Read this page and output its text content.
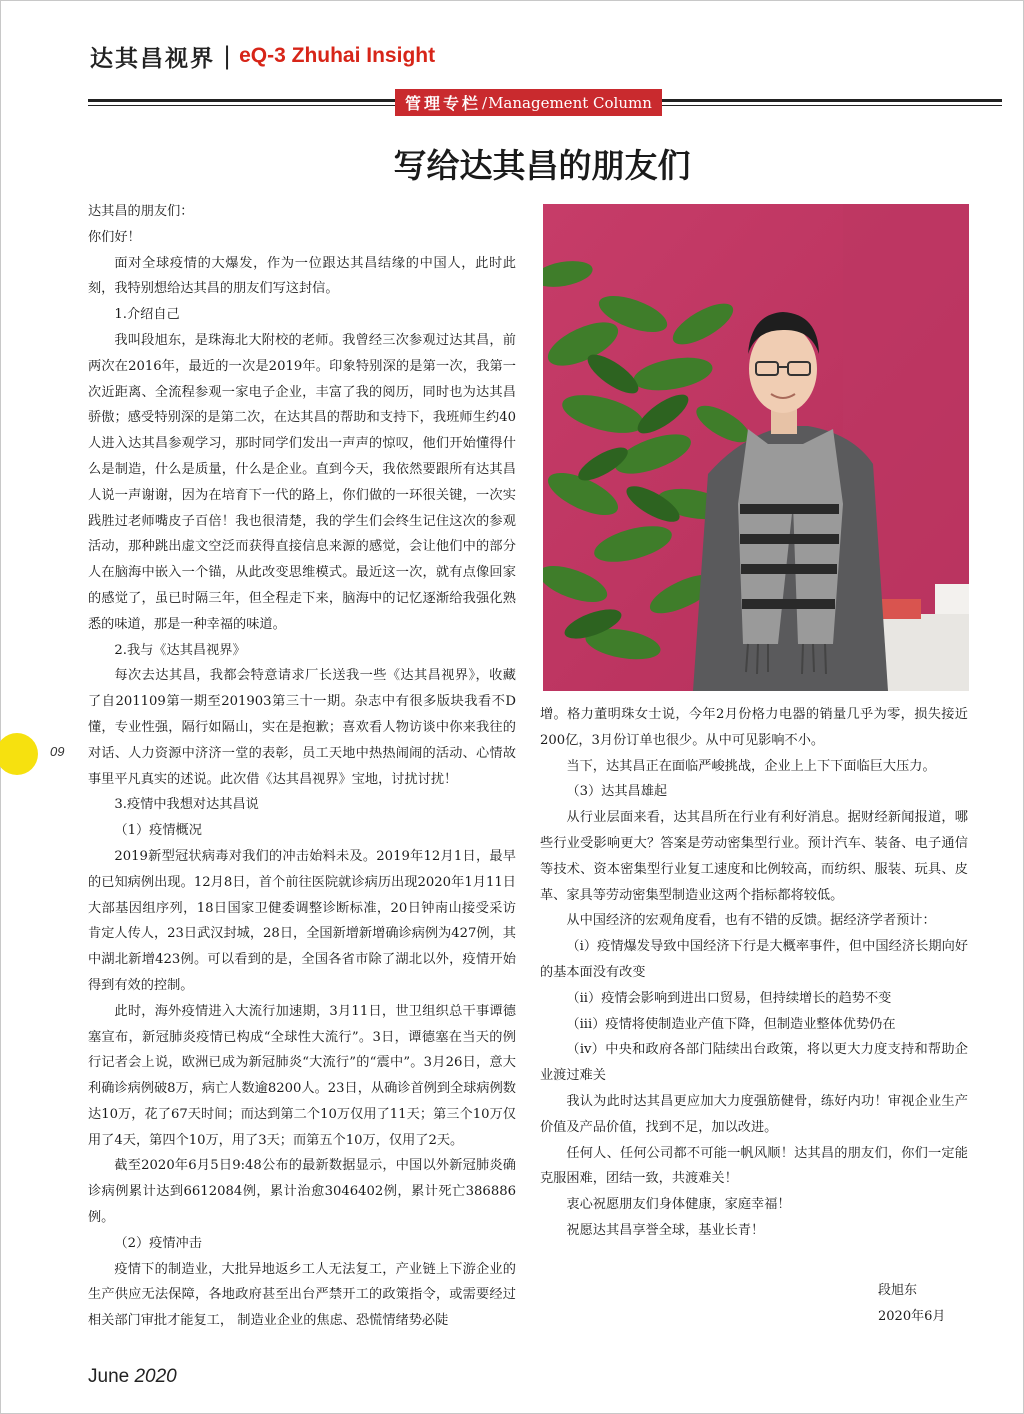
达其昌视界 | eQ-3 Zhuhai Insight
管理专栏 / Management Column
写给达其昌的朋友们

达其昌的朋友们：

你们好！

面对全球疫情的大爆发，作为一位跟达其昌结缘的中国人，此时此刻，我特别想给达其昌的朋友们写这封信。

1.介绍自己

我叫段旭东，是珠海北大附校的老师。我曾经三次参观过达其昌，前两次在2016年，最近的一次是2019年。印象特别深的是第一次，我第一次近距离、全流程参观一家电子企业，丰富了我的阅历，同时也为达其昌骄傲；感受特别深的是第二次，在达其昌的帮助和支持下，我班师生约40人进入达其昌参观学习，那时同学们发出一声声的惊叹，他们开始懂得什么是制造，什么是质量，什么是企业。直到今天，我依然要跟所有达其昌人说一声谢谢，因为在培育下一代的路上，你们做的一环很关键，一次实践胜过老师嘴皮子百倍！我也很清楚，我的学生们会终生记住这次的参观活动，那种跳出虚文空泛而获得直接信息来源的感觉，会让他们中的部分人在脑海中嵌入一个锚，从此改变思维模式。最近这一次，就有点像回家的感觉了，虽已时隔三年，但全程走下来，脑海中的记忆逐渐给我强化熟悉的味道，那是一种幸福的味道。

2.我与《达其昌视界》

每次去达其昌，我都会特意请求厂长送我一些《达其昌视界》，收藏了自201109第一期至201903第三十一期。杂志中有很多版块我看不D懂，专业性强，隔行如隔山，实在是抱歉；喜欢看人物访谈中你来我往的对话、人力资源中济济一堂的表彰，员工天地中热热闹闹的活动、心情故事里平凡真实的述说。此次借《达其昌视界》宝地，讨扰讨扰！

3.疫情中我想对达其昌说

（1）疫情概况

2019新型冠状病毒对我们的冲击始料未及。2019年12月1日，最早的已知病例出现。12月8日，首个前往医院就诊病历出现2020年1月11日大部基因组序列，18日国家卫健委调整诊断标准，20日钟南山接受采访肯定人传人，23日武汉封城，28日，全国新增新增确诊病例为427例，其中湖北新增423例。可以看到的是，全国各省市除了湖北以外，疫情开始得到有效的控制。

此时，海外疫情进入大流行加速期，3月11日，世卫组织总干事谭德塞宣布，新冠肺炎疫情已构成“全球性大流行”。3日，谭德塞在当天的例行记者会上说，欧洲已成为新冠肺炎“大流行”的“震中”。3月26日，意大利确诊病例破8万，病亡人数逾8200人。23日，从确诊首例到全球病例数达10万，花了67天时间；而达到第二个10万仅用了11天；第三个10万仅用了4天，第四个10万，用了3天；而第五个10万，仅用了2天。

截至2020年6月5日9:48公布的最新数据显示，中国以外新冠肺炎确诊病例累计达到6612084例，累计治愈3046402例，累计死亡386886例。

（2）疫情冲击

疫情下的制造业，大批异地返乡工人无法复工，产业链上下游企业的生产供应无法保障，各地政府甚至出台严禁开工的政策指令，或需要经过相关部门审批才能复工， 制造业企业的焦虑、恐慌情绪势必陡

增。格力董明珠女士说，今年2月份格力电器的销量几乎为零，损失接近200亿，3月份订单也很少。从中可见影响不小。

当下，达其昌正在面临严峻挑战，企业上上下下面临巨大压力。

（3）达其昌雄起

从行业层面来看，达其昌所在行业有利好消息。据财经新闻报道，哪些行业受影响更大？答案是劳动密集型行业。预计汽车、装备、电子通信等技术、资本密集型行业复工速度和比例较高，而纺织、服装、玩具、皮革、家具等劳动密集型制造业这两个指标都将较低。

从中国经济的宏观角度看，也有不错的反馈。据经济学者预计：

（i）疫情爆发导致中国经济下行是大概率事件，但中国经济长期向好的基本面没有改变

（ii）疫情会影响到进出口贸易，但持续增长的趋势不变

（iii）疫情将使制造业产值下降，但制造业整体优势仍在

（iv）中央和政府各部门陆续出台政策，将以更大力度支持和帮助企业渡过难关

我认为此时达其昌更应加大力度强筋健骨，练好内功！审视企业生产价值及产品价值，找到不足，加以改进。

任何人、任何公司都不可能一帆风顺！达其昌的朋友们，你们一定能克服困难，团结一致，共渡难关！

衷心祝愿朋友们身体健康，家庭幸福！

祝愿达其昌享誉全球，基业长青！

段旭东
2020年6月
09
June 2020
